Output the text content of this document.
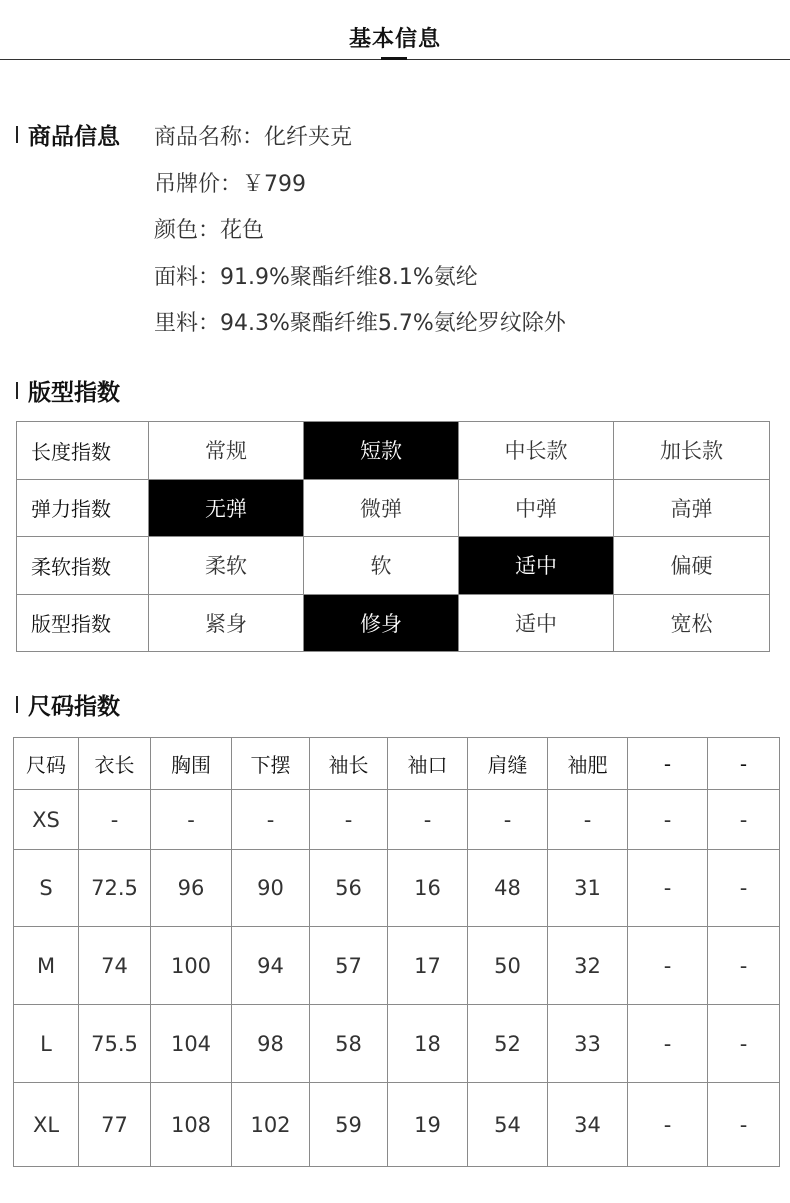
基本信息
商品信息 商品名称：化纤夹克
吊牌价：￥799
颜色：花色
面料：91.9%聚酯纤维8.1%氨纶
里料：94.3%聚酯纤维5.7%氨纶罗纹除外
版型指数
长度指数	常规	短款	中长款	加长款
弹力指数	无弹	微弹	中弹	高弹
柔软指数	柔软	软	适中	偏硬
版型指数	紧身	修身	适中	宽松
尺码指数
尺码	衣长	胸围	下摆	袖长	袖口	肩缝	袖肥	-	-
XS	-	-	-	-	-	-	-	-	-
S	72.5	96	90	56	16	48	31	-	-
M	74	100	94	57	17	50	32	-	-
L	75.5	104	98	58	18	52	33	-	-
XL	77	108	102	59	19	54	34	-	-
